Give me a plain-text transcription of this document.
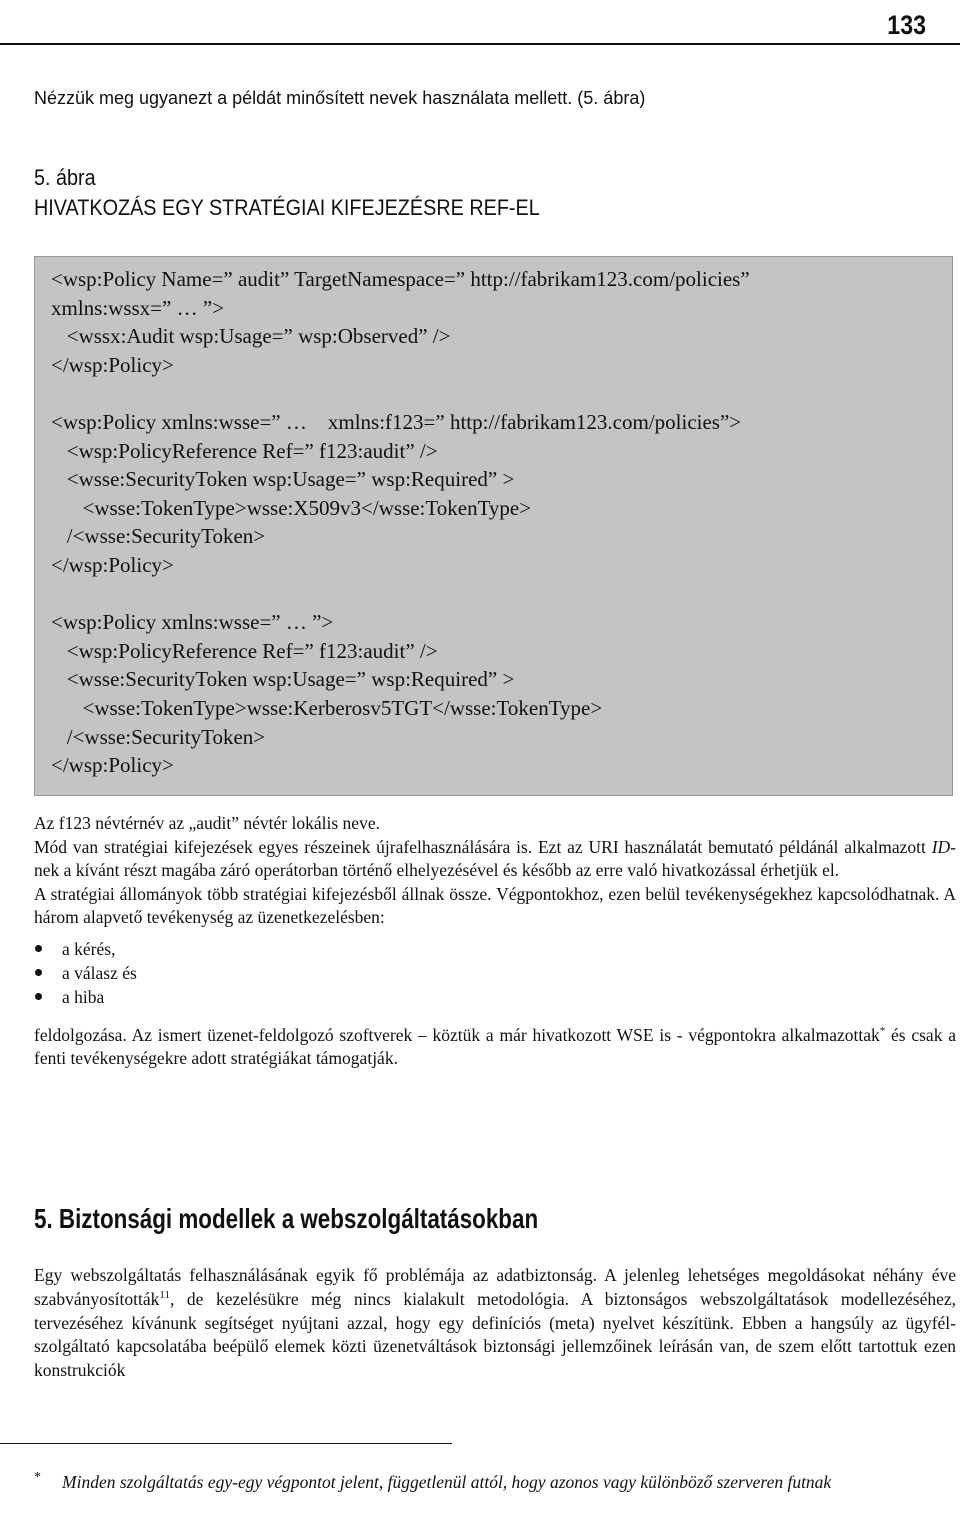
133
Nézzük meg ugyanezt a példát minősített nevek használata mellett. (5. ábra)
5. ábra
HIVATKOZÁS EGY STRATÉGIAI KIFEJEZÉSRE REF-EL
<wsp:Policy Name=” audit” TargetNamespace=” http://fabrikam123.com/policies”
xmlns:wssx=” … ”>
<wssx:Audit wsp:Usage=” wsp:Observed” />
</wsp:Policy>
<wsp:Policy xmlns:wsse=” …    xmlns:f123=” http://fabrikam123.com/policies”>
<wsp:PolicyReference Ref=” f123:audit” />
<wsse:SecurityToken wsp:Usage=” wsp:Required” >
<wsse:TokenType>wsse:X509v3</wsse:TokenType>
/<wsse:SecurityToken>
</wsp:Policy>
<wsp:Policy xmlns:wsse=” … ”>
<wsp:PolicyReference Ref=” f123:audit” />
<wsse:SecurityToken wsp:Usage=” wsp:Required” >
<wsse:TokenType>wsse:Kerberosv5TGT</wsse:TokenType>
/<wsse:SecurityToken>
</wsp:Policy>

Az f123 névtérnév az „audit” névtér lokális neve.

Mód van stratégiai kifejezések egyes részeinek újrafelhasználására is. Ezt az URI használatát bemutató példánál alkalmazott ID-nek a kívánt részt magába záró operátorban történő elhelyezésével és később az erre való hivatkozással érhetjük el.

A stratégiai állományok több stratégiai kifejezésből állnak össze. Végpontokhoz, ezen belül tevékenységekhez kapcsolódhatnak. A három alapvető tevékenység az üzenetkezelésben:

a kérés,
a válasz és
a hiba

feldolgozása. Az ismert üzenet-feldolgozó szoftverek – köztük a már hivatkozott WSE is - végpontokra alkalmazottak* és csak a fenti tevékenységekre adott stratégiákat támogatják.

5. Biztonsági modellek a webszolgáltatásokban

Egy webszolgáltatás felhasználásának egyik fő problémája az adatbiztonság. A jelenleg lehetséges megoldásokat néhány éve szabványosították$^{11}$, de kezelésükre még nincs kialakult metodológia. A biztonságos webszolgáltatások modellezéséhez, tervezéséhez kívánunk segítséget nyújtani azzal, hogy egy definíciós (meta) nyelvet készítünk. Ebben a hangsúly az ügyfél-szolgáltató kapcsolatába beépülő elemek közti üzenetváltások biztonsági jellemzőinek leírásán van, de szem előtt tartottuk ezen konstrukciók

* Minden szolgáltatás egy-egy végpontot jelent, függetlenül attól, hogy azonos vagy különböző szerveren futnak
